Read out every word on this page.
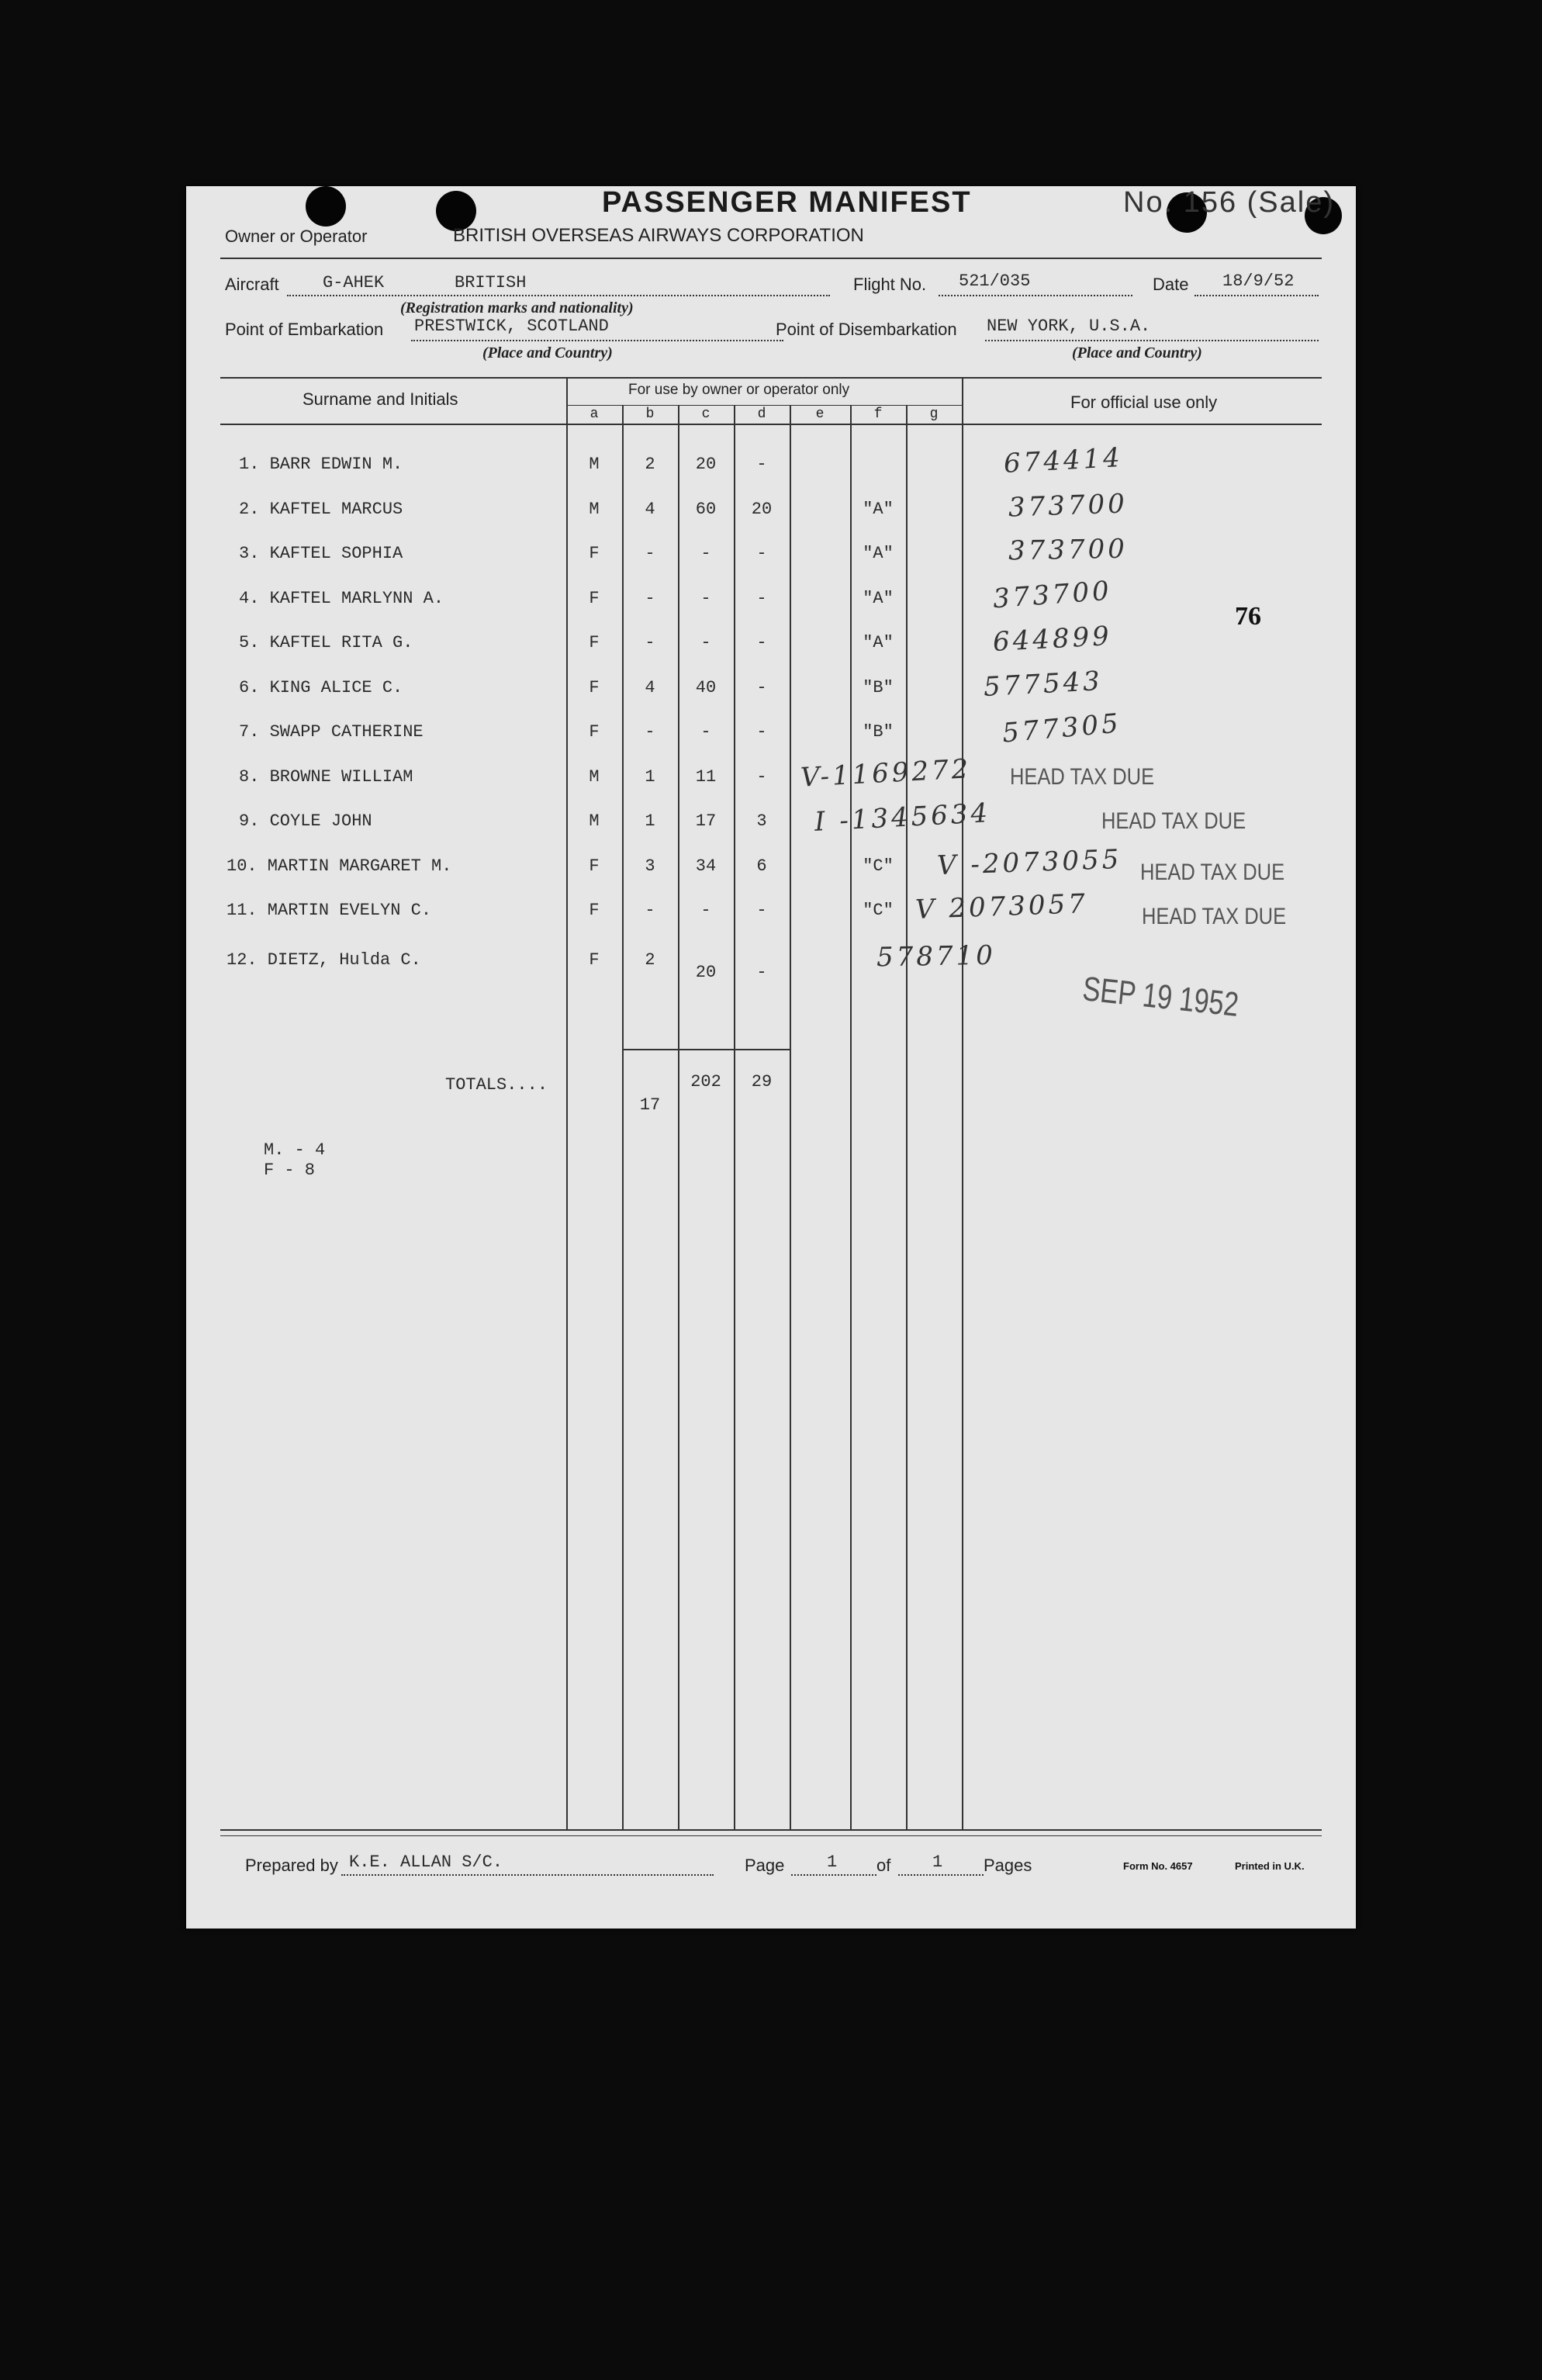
PASSENGER MANIFEST	No. 156 (Sale)
Owner or Operator	BRITISH OVERSEAS AIRWAYS CORPORATION
Aircraft	G-AHEK	BRITISH
(Registration marks and nationality)
Flight No. 521/035	Date 18/9/52
Point of Embarkation PRESTWICK, SCOTLAND
(Place and Country)
Point of Disembarkation NEW YORK, U.S.A.
(Place and Country)
Surname and Initials	For use by owner or operator only
For official use only
a	b	c	d	e	f	g
1. BARR EDWIN M.	M	2	20	-	674414
2. KAFTEL MARCUS	M	4	60	20	"A"	373700
3. KAFTEL SOPHIA	F	-	-	-	"A"	373700
4. KAFTEL MARLYNN A.	F	-	-	-	"A"	373700
5. KAFTEL RITA G.	F	-	-	-	"A"	644899
6. KING ALICE C.	F	4	40	-	"B"	577543
7. SWAPP CATHERINE	F	-	-	-	"B"	577305
8. BROWNE WILLIAM	M	1	11	-	V-1169272 HEAD TAX DUE
9. COYLE JOHN	M	1	17	3	I -1345634	HEAD TAX DUE
10. MARTIN MARGARET M.	F	3	34	6	"C"	V -2073055 HEAD TAX DUE
11. MARTIN EVELYN C.	F	-	-	-	"C" V 2073057 HEAD TAX DUE
12. DIETZ, Hulda C.	F	2
20	-	578710
TOTALS....
17
202	29
M. - 4
F - 8
76
SEP 19 1952
Prepared by K.E. ALLAN S/C.	Page 1 of 1 Pages	Form No. 4657	Printed in U.K.
